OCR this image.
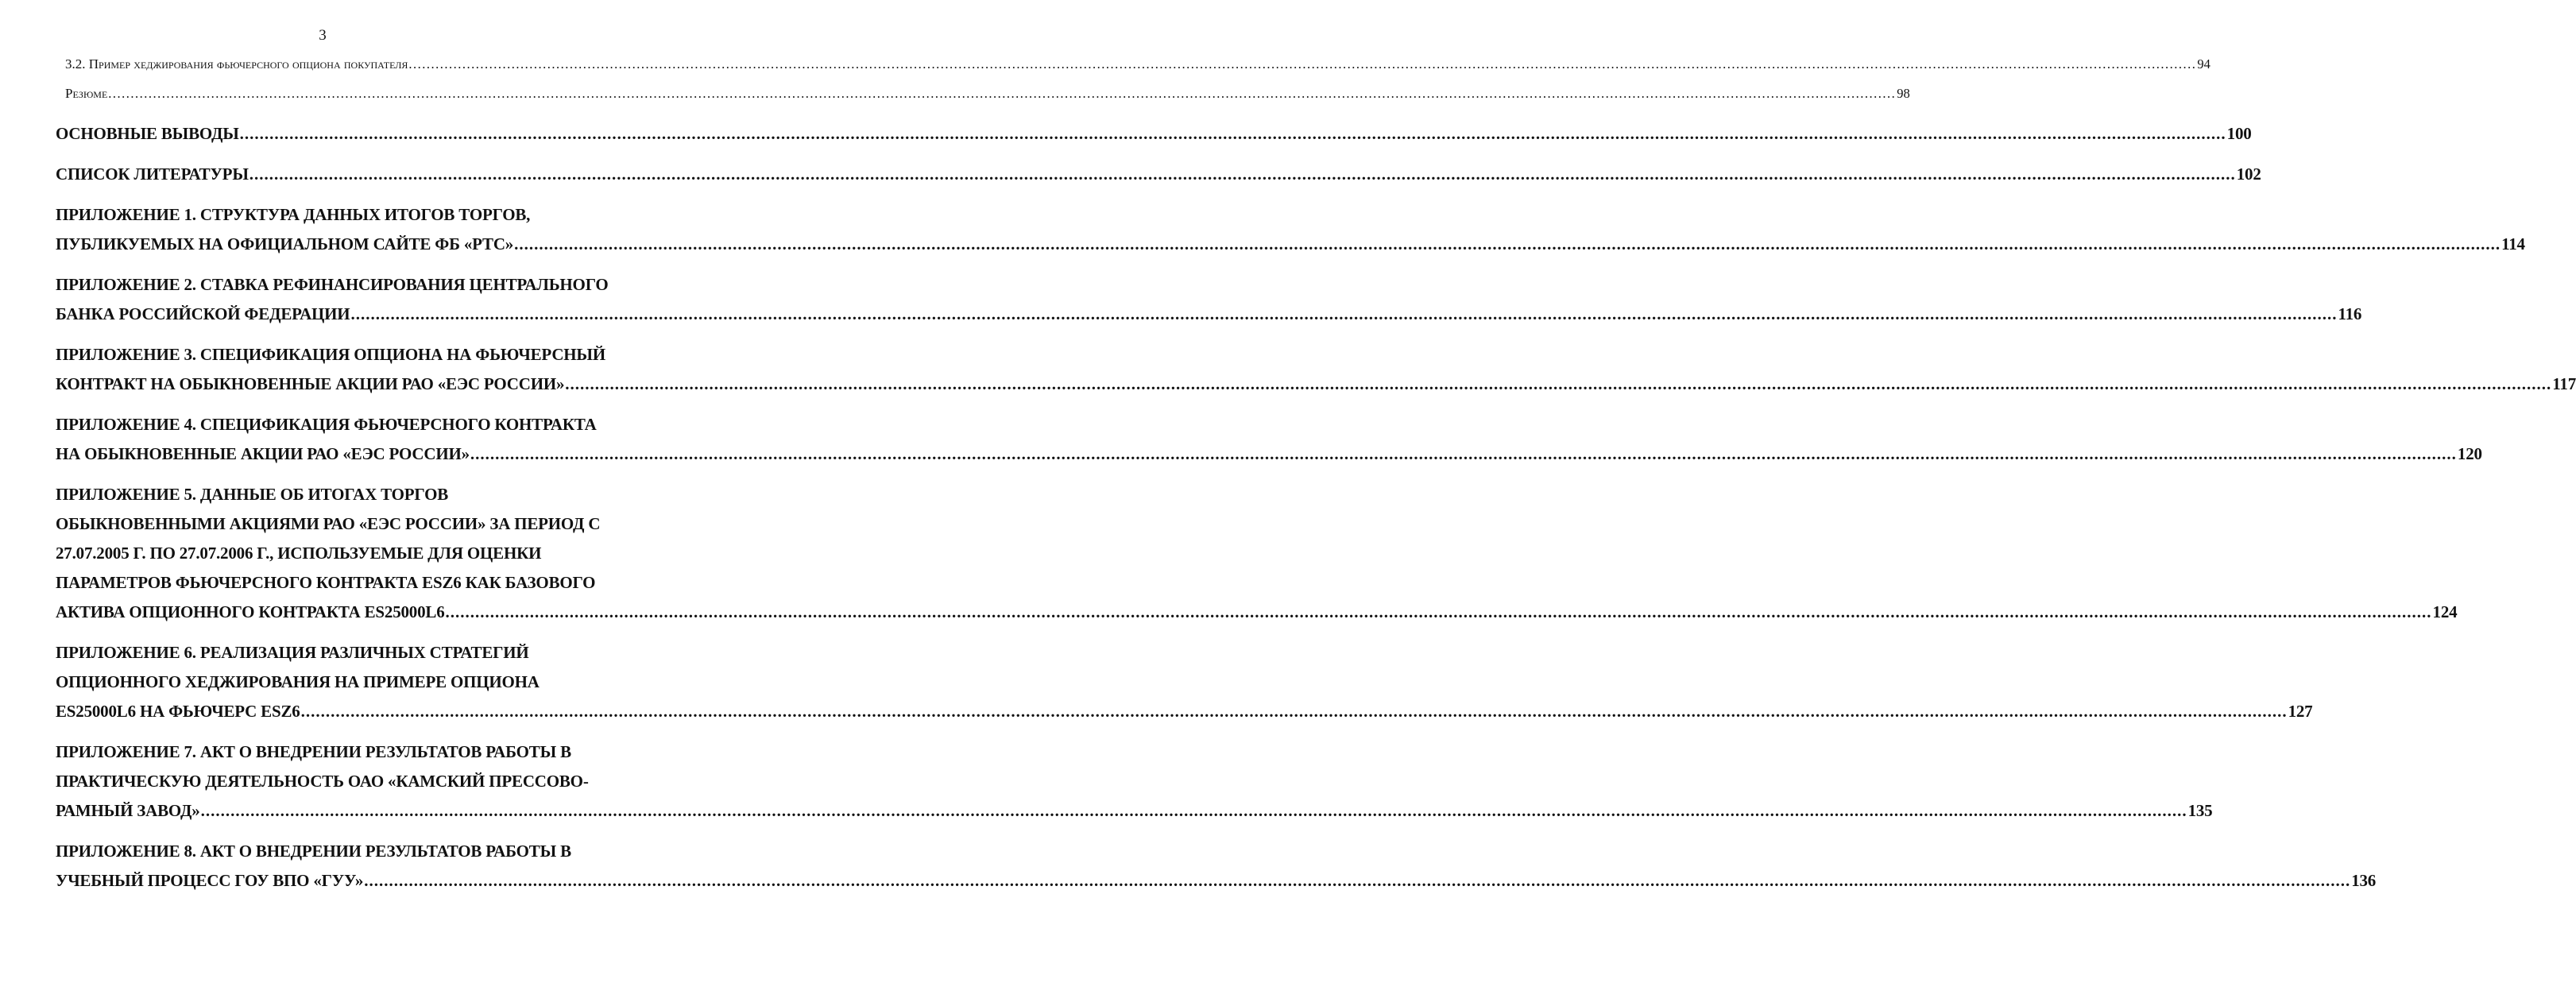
3
3.2. Пример хеджирования фьючерсного опциона покупателя ................................................................................................................................................................................................................................................................................................................................................................................................................ 94
Резюме ................................................................................................................................................................................................................................................................................................................................................................................................................ 98
ОСНОВНЫЕ ВЫВОДЫ ................................................................................................................................................................................................................................................................................................................................................................................................................ 100
СПИСОК ЛИТЕРАТУРЫ ................................................................................................................................................................................................................................................................................................................................................................................................................ 102
ПРИЛОЖЕНИЕ 1. СТРУКТУРА ДАННЫХ ИТОГОВ ТОРГОВ,
ПУБЛИКУЕМЫХ НА ОФИЦИАЛЬНОМ САЙТЕ ФБ «РТС» ................................................................................................................................................................................................................................................................................................................................................................................................................ 114
ПРИЛОЖЕНИЕ 2. СТАВКА РЕФИНАНСИРОВАНИЯ ЦЕНТРАЛЬНОГО
БАНКА РОССИЙСКОЙ ФЕДЕРАЦИИ ................................................................................................................................................................................................................................................................................................................................................................................................................ 116
ПРИЛОЖЕНИЕ 3. СПЕЦИФИКАЦИЯ ОПЦИОНА НА ФЬЮЧЕРСНЫЙ
КОНТРАКТ НА ОБЫКНОВЕННЫЕ АКЦИИ РАО «ЕЭС РОССИИ» ................................................................................................................................................................................................................................................................................................................................................................................................................ 117
ПРИЛОЖЕНИЕ 4. СПЕЦИФИКАЦИЯ ФЬЮЧЕРСНОГО КОНТРАКТА
НА ОБЫКНОВЕННЫЕ АКЦИИ РАО «ЕЭС РОССИИ» ................................................................................................................................................................................................................................................................................................................................................................................................................ 120
ПРИЛОЖЕНИЕ 5. ДАННЫЕ ОБ ИТОГАХ ТОРГОВ
ОБЫКНОВЕННЫМИ АКЦИЯМИ РАО «ЕЭС РОССИИ» ЗА ПЕРИОД С
27.07.2005 Г. ПО 27.07.2006 Г., ИСПОЛЬЗУЕМЫЕ ДЛЯ ОЦЕНКИ
ПАРАМЕТРОВ ФЬЮЧЕРСНОГО КОНТРАКТА ESZ6 КАК БАЗОВОГО
АКТИВА ОПЦИОННОГО КОНТРАКТА ES25000L6 ................................................................................................................................................................................................................................................................................................................................................................................................................ 124
ПРИЛОЖЕНИЕ 6. РЕАЛИЗАЦИЯ РАЗЛИЧНЫХ СТРАТЕГИЙ
ОПЦИОННОГО ХЕДЖИРОВАНИЯ НА ПРИМЕРЕ ОПЦИОНА
ES25000L6 НА ФЬЮЧЕРС ESZ6 ................................................................................................................................................................................................................................................................................................................................................................................................................ 127
ПРИЛОЖЕНИЕ 7. АКТ О ВНЕДРЕНИИ РЕЗУЛЬТАТОВ РАБОТЫ В
ПРАКТИЧЕСКУЮ ДЕЯТЕЛЬНОСТЬ ОАО «КАМСКИЙ ПРЕССОВО-
РАМНЫЙ ЗАВОД» ................................................................................................................................................................................................................................................................................................................................................................................................................ 135
ПРИЛОЖЕНИЕ 8. АКТ О ВНЕДРЕНИИ РЕЗУЛЬТАТОВ РАБОТЫ В
УЧЕБНЫЙ ПРОЦЕСС ГОУ ВПО «ГУУ» ................................................................................................................................................................................................................................................................................................................................................................................................................ 136
